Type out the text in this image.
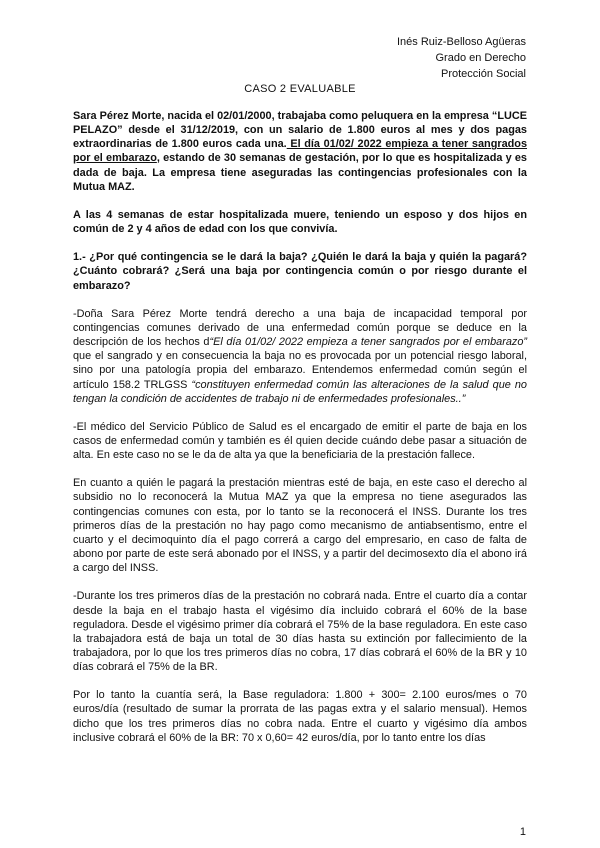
Inés Ruiz-Belloso Agüeras
Grado en Derecho
Protección Social
CASO 2 EVALUABLE

Sara Pérez Morte, nacida el 02/01/2000, trabajaba como peluquera en la empresa “LUCE PELAZO” desde el 31/12/2019, con un salario de 1.800 euros al mes y dos pagas extraordinarias de 1.800 euros cada una. El día 01/02/ 2022 empieza a tener sangrados por el embarazo, estando de 30 semanas de gestación, por lo que es hospitalizada y es dada de baja. La empresa tiene aseguradas las contingencias profesionales con la Mutua MAZ.

A las 4 semanas de estar hospitalizada muere, teniendo un esposo y dos hijos en común de 2 y 4 años de edad con los que convivía.

1.- ¿Por qué contingencia se le dará la baja? ¿Quién le dará la baja y quién la pagará? ¿Cuánto cobrará? ¿Será una baja por contingencia común o por riesgo durante el embarazo?

-Doña Sara Pérez Morte tendrá derecho a una baja de incapacidad temporal por contingencias comunes derivado de una enfermedad común porque se deduce en la descripción de los hechos d“El día 01/02/ 2022 empieza a tener sangrados por el embarazo” que el sangrado y en consecuencia la baja no es provocada por un potencial riesgo laboral, sino por una patología propia del embarazo. Entendemos enfermedad común según el artículo 158.2 TRLGSS “constituyen enfermedad común las alteraciones de la salud que no tengan la condición de accidentes de trabajo ni de enfermedades profesionales..”

-El médico del Servicio Público de Salud es el encargado de emitir el parte de baja en los casos de enfermedad común y también es él quien decide cuándo debe pasar a situación de alta. En este caso no se le da de alta ya que la beneficiaria de la prestación fallece.

En cuanto a quién le pagará la prestación mientras esté de baja, en este caso el derecho al subsidio no lo reconocerá la Mutua MAZ ya que la empresa no tiene asegurados las contingencias comunes con esta, por lo tanto se la reconocerá el INSS. Durante los tres primeros días de la prestación no hay pago como mecanismo de antiabsentismo, entre el cuarto y el decimoquinto día el pago correrá a cargo del empresario, en caso de falta de abono por parte de este será abonado por el INSS, y a partir del decimosexto día el abono irá a cargo del INSS.

-Durante los tres primeros días de la prestación no cobrará nada. Entre el cuarto día a contar desde la baja en el trabajo hasta el vigésimo día incluido cobrará el 60% de la base reguladora. Desde el vigésimo primer día cobrará el 75% de la base reguladora. En este caso la trabajadora está de baja un total de 30 días hasta su extinción por fallecimiento de la trabajadora, por lo que los tres primeros días no cobra, 17 días cobrará el 60% de la BR y 10 días cobrará el 75% de la BR.

Por lo tanto la cuantía será, la Base reguladora: 1.800 + 300= 2.100 euros/mes o 70 euros/día (resultado de sumar la prorrata de las pagas extra y el salario mensual). Hemos dicho que los tres primeros días no cobra nada. Entre el cuarto y vigésimo día ambos inclusive cobrará el 60% de la BR: 70 x 0,60= 42 euros/día, por lo tanto entre los días

1
